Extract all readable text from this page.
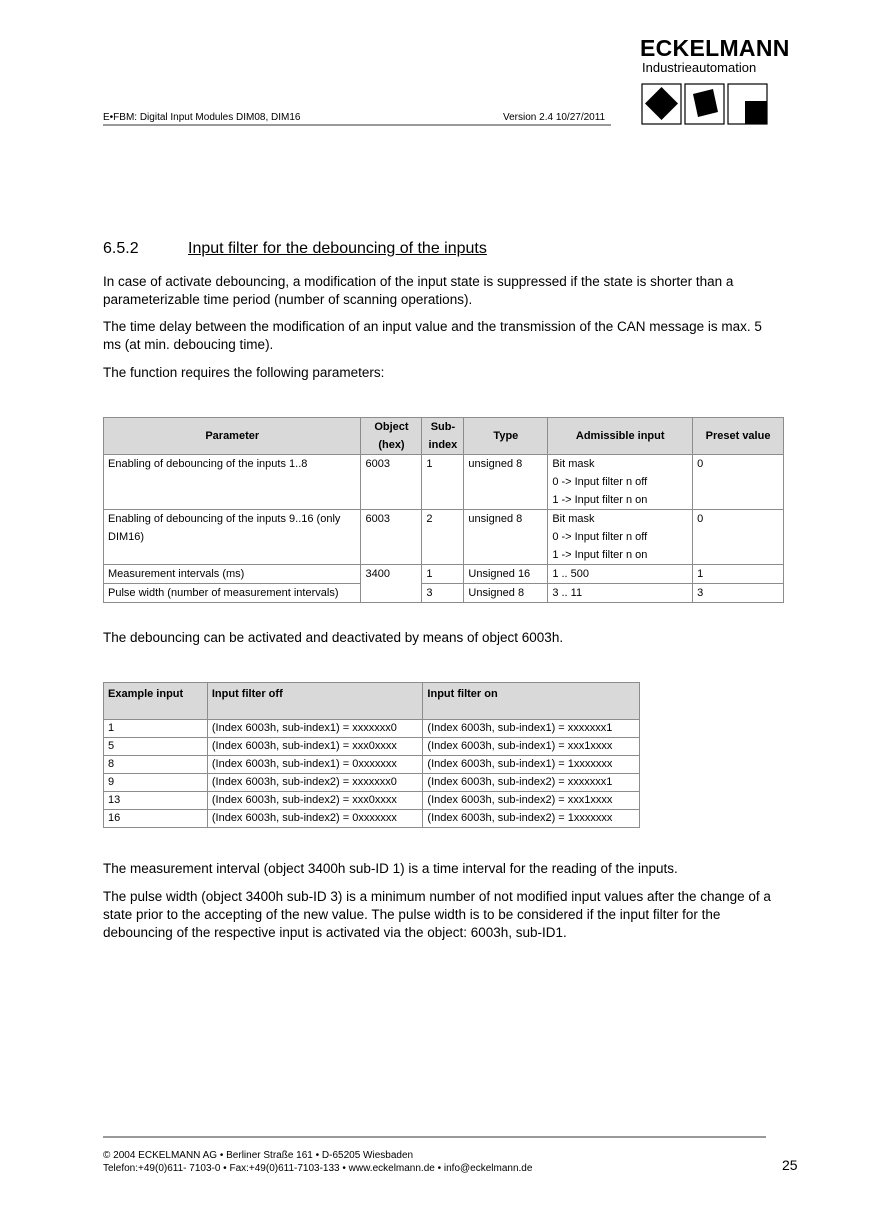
E•FBM: Digital Input Modules DIM08, DIM16	Version 2.4 10/27/2011
ECKELMANN
Industrieautomation
6.5.2	Input filter for the debouncing of the inputs
In case of activate debouncing, a modification of the input state is suppressed if the state is shorter than a parameterizable time period (number of scanning operations).
The time delay between the modification of an input value and the transmission of the CAN message is max. 5 ms (at min. deboucing time).
The function requires the following parameters:
Parameter	Object (hex)	Sub-index	Type	Admissible input	Preset value
Enabling of debouncing of the inputs 1..8	6003	1	unsigned 8	Bit mask
0 -> Input filter n off
1 -> Input filter n on	0
Enabling of debouncing of the inputs 9..16 (only DIM16)	6003	2	unsigned 8	Bit mask
0 -> Input filter n off
1 -> Input filter n on	0
Measurement intervals (ms)	3400	1	Unsigned 16	1 .. 500	1
Pulse width (number of measurement intervals)		3	Unsigned 8	3 .. 11	3
The debouncing can be activated and deactivated by means of object 6003h.
Example input	Input filter off	Input filter on
1	(Index 6003h, sub-index1) = xxxxxxx0	(Index 6003h, sub-index1) = xxxxxxx1
5	(Index 6003h, sub-index1) = xxx0xxxx	(Index 6003h, sub-index1) = xxx1xxxx
8	(Index 6003h, sub-index1) = 0xxxxxxx	(Index 6003h, sub-index1) = 1xxxxxxx
9	(Index 6003h, sub-index2) = xxxxxxx0	(Index 6003h, sub-index2) = xxxxxxx1
13	(Index 6003h, sub-index2) = xxx0xxxx	(Index 6003h, sub-index2) = xxx1xxxx
16	(Index 6003h, sub-index2) = 0xxxxxxx	(Index 6003h, sub-index2) = 1xxxxxxx
The measurement interval (object 3400h sub-ID 1) is a time interval for the reading of the inputs.
The pulse width (object 3400h sub-ID 3) is a minimum number of not modified input values after the change of a state prior to the accepting of the new value. The pulse width is to be considered if the input filter for the debouncing of the respective input is activated via the object: 6003h, sub-ID1.
© 2004 ECKELMANN AG • Berliner Straße 161 • D-65205 Wiesbaden
Telefon:+49(0)611- 7103-0 • Fax:+49(0)611-7103-133 • www.eckelmann.de • info@eckelmann.de	25
